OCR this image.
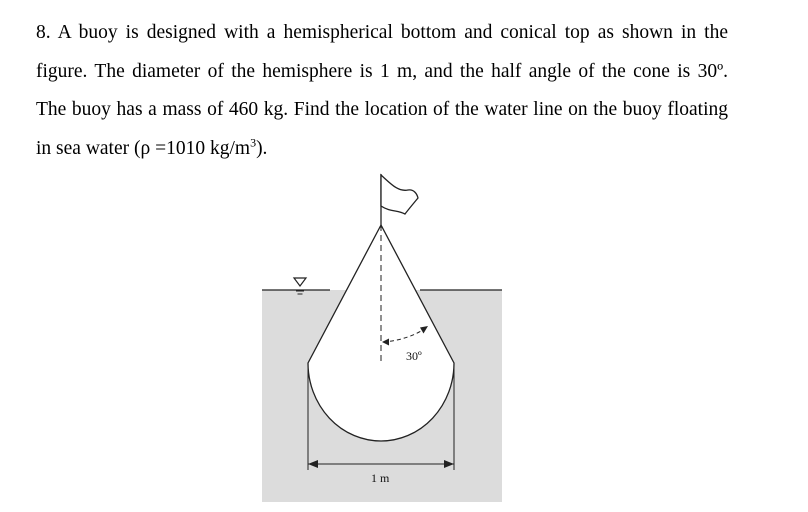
8. A buoy is designed with a hemispherical bottom and conical top as shown in the
figure. The diameter of the hemisphere is 1 m, and the half angle of the cone is 30º.
The buoy has a mass of 460 kg. Find the location of the water line on the buoy floating
in sea water (ρ =1010 $kg/m^3$).
30º
1 m
